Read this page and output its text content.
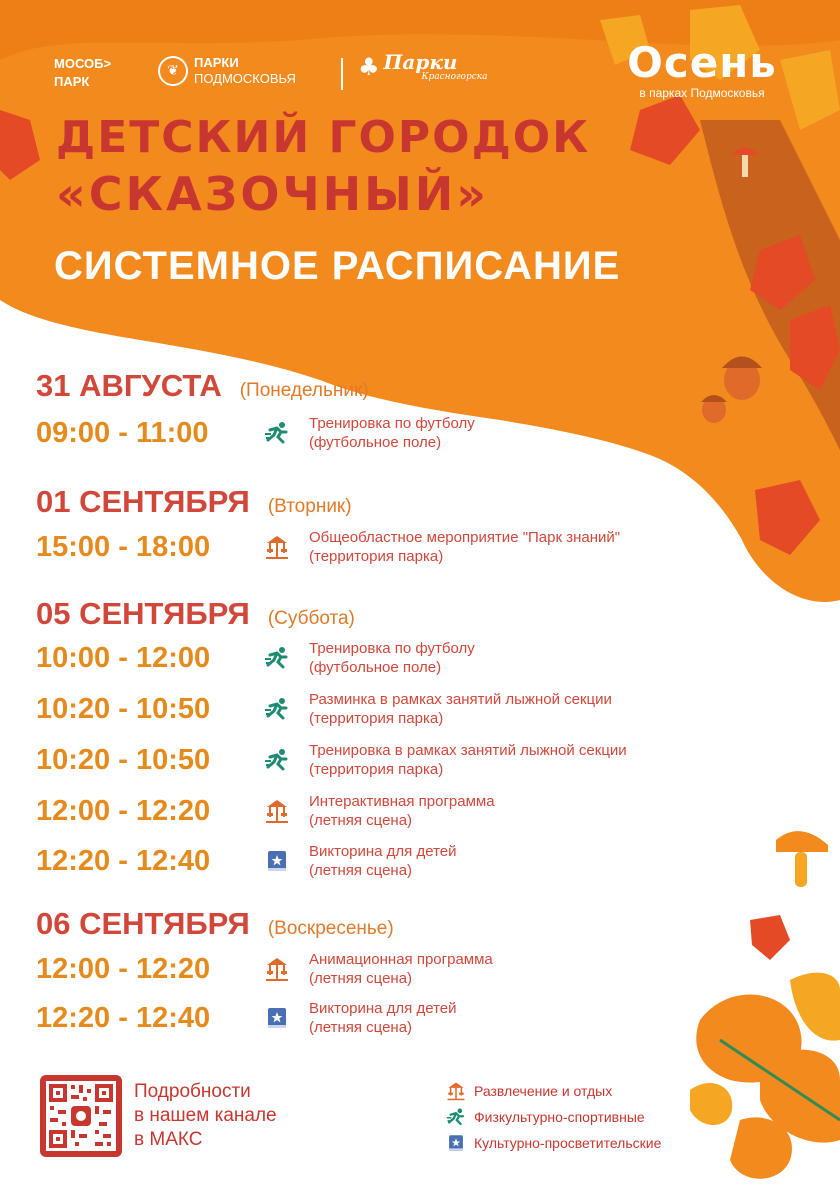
МОСОБ>
ПАРК
❦
ПАРКИ
ПОДМОСКОВЬЯ	♣ Парки
Красногорска	Осень
в парках Подмосковья
ДЕТСКИЙ ГОРОДОК
«СКАЗОЧНЫЙ»
СИСТЕМНОЕ РАСПИСАНИЕ
31 АВГУСТА (Понедельник)
09:00 - 11:00	Тренировка по футболу
(футбольное поле)
01 СЕНТЯБРЯ (Вторник)
15:00 - 18:00	Общеобластное мероприятие "Парк знаний"
(территория парка)
05 СЕНТЯБРЯ (Суббота)
10:00 - 12:00	Тренировка по футболу
(футбольное поле)
10:20 - 10:50	Разминка в рамках занятий лыжной секции
(территория парка)
10:20 - 10:50	Тренировка в рамках занятий лыжной секции
(территория парка)
12:00 - 12:20	Интерактивная программа
(летняя сцена)
12:20 - 12:40	Викторина для детей
(летняя сцена)
06 СЕНТЯБРЯ (Воскресенье)
12:00 - 12:20	Анимационная программа
(летняя сцена)
12:20 - 12:40	Викторина для детей
(летняя сцена)
Подробности
в нашем канале
в МАКС
Развлечение и отдых
Физкультурно-спортивные
Культурно-просветительские
